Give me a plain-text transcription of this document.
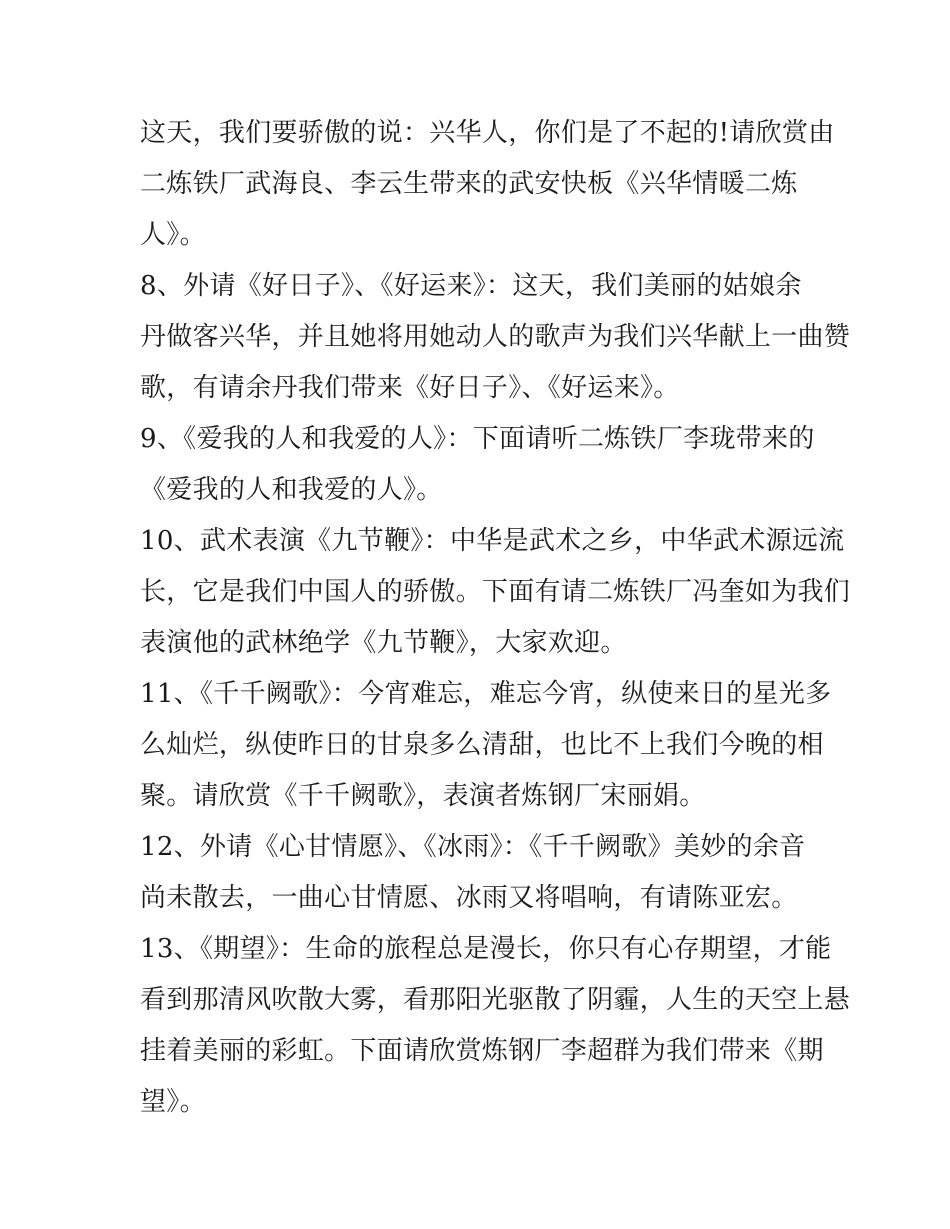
这天，我们要骄傲的说：兴华人，你们是了不起的!请欣赏由
二炼铁厂武海良、李云生带来的武安快板《兴华情暖二炼
人》。
8、外请《好日子》、《好运来》：这天，我们美丽的姑娘余
丹做客兴华，并且她将用她动人的歌声为我们兴华献上一曲赞
歌，有请余丹我们带来《好日子》、《好运来》。
9、《爱我的人和我爱的人》：下面请听二炼铁厂李珑带来的
《爱我的人和我爱的人》。
10、武术表演《九节鞭》：中华是武术之乡，中华武术源远流
长，它是我们中国人的骄傲。下面有请二炼铁厂冯奎如为我们
表演他的武林绝学《九节鞭》，大家欢迎。
11、《千千阙歌》：今宵难忘，难忘今宵，纵使来日的星光多
么灿烂，纵使昨日的甘泉多么清甜，也比不上我们今晚的相
聚。请欣赏《千千阙歌》，表演者炼钢厂宋丽娟。
12、外请《心甘情愿》、《冰雨》：《千千阙歌》美妙的余音
尚未散去，一曲心甘情愿、冰雨又将唱响，有请陈亚宏。
13、《期望》：生命的旅程总是漫长，你只有心存期望，才能
看到那清风吹散大雾，看那阳光驱散了阴霾，人生的天空上悬
挂着美丽的彩虹。下面请欣赏炼钢厂李超群为我们带来《期
望》。
